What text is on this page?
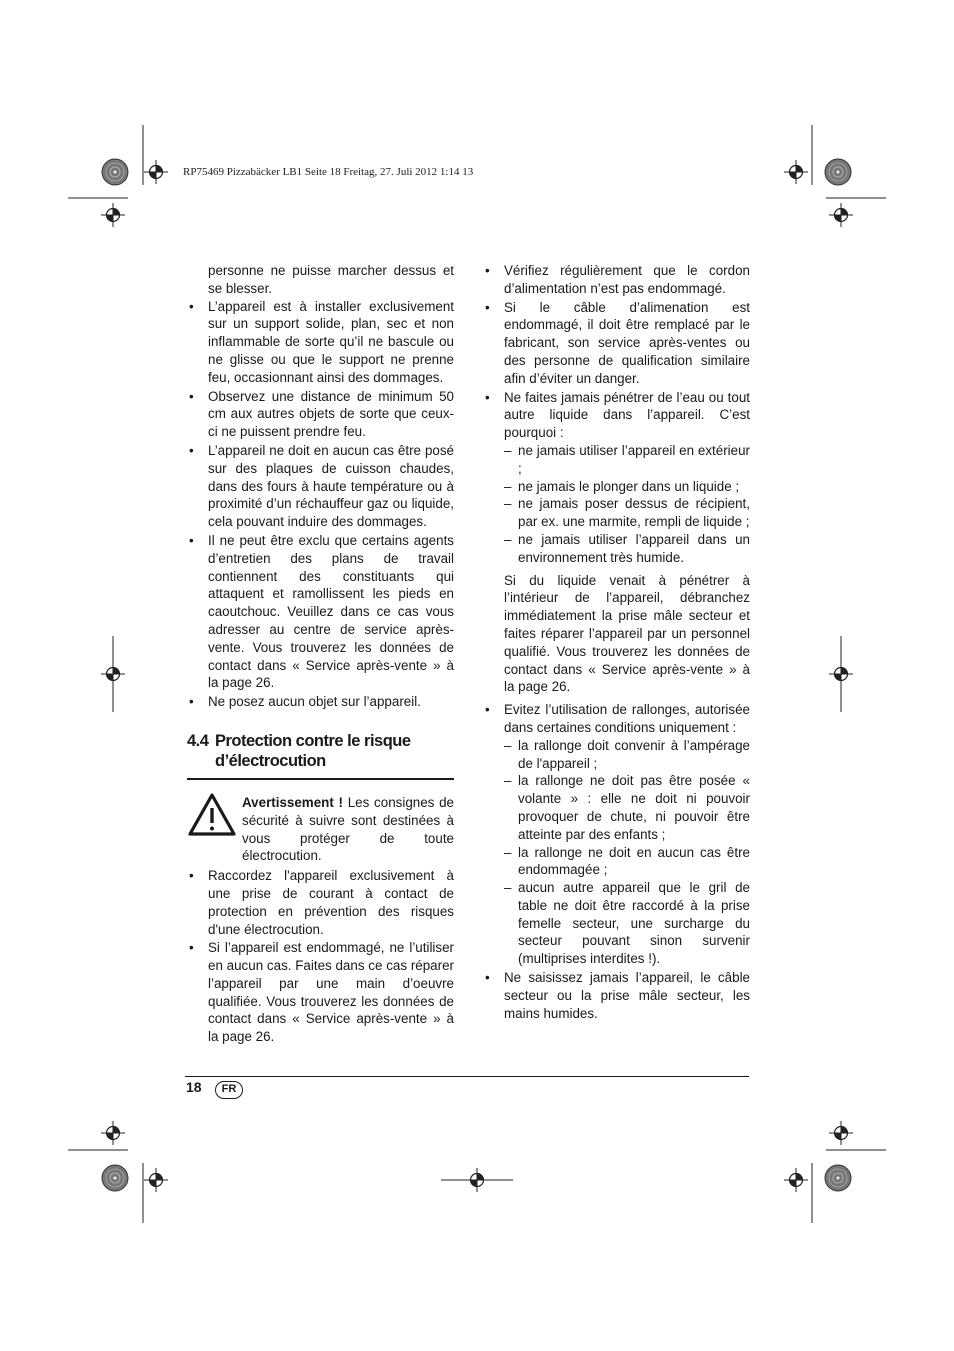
RP75469 Pizzabäcker LB1 Seite 18 Freitag, 27. Juli 2012 1:14 13

personne ne puisse marcher dessus et se blesser.

• L’appareil est à installer exclusivement sur un support solide, plan, sec et non inflammable de sorte qu’il ne bascule ou ne glisse ou que le support ne prenne feu, occasionnant ainsi des dommages.
• Observez une distance de minimum 50 cm aux autres objets de sorte que ceux-ci ne puissent prendre feu.
• L’appareil ne doit en aucun cas être posé sur des plaques de cuisson chaudes, dans des fours à haute température ou à proximité d’un réchauffeur gaz ou liquide, cela pouvant induire des dommages.
• Il ne peut être exclu que certains agents d’entretien des plans de travail contiennent des constituants qui attaquent et ramollissent les pieds en caoutchouc. Veuillez dans ce cas vous adresser au centre de service après-vente. Vous trouverez les données de contact dans « Service après-vente » à la page 26.
• Ne posez aucun objet sur l’appareil.
4.4 Protection contre le risque
d’électrocution
Avertissement ! Les consignes de sécurité à suivre sont destinées à vous protéger de toute électrocution.
• Raccordez l'appareil exclusivement à une prise de courant à contact de protection en prévention des risques d'une électrocution.
• Si l’appareil est endommagé, ne l’utiliser en aucun cas. Faites dans ce cas réparer l’appareil par une main d’oeuvre qualifiée. Vous trouverez les données de contact dans « Service après-vente » à la page 26.
• Vérifiez régulièrement que le cordon d’alimentation n’est pas endommagé.
• Si le câble d’alimenation est endommagé, il doit être remplacé par le fabricant, son service après-ventes ou des personne de qualification similaire afin d’éviter un danger.

• Ne faites jamais pénétrer de l’eau ou tout autre liquide dans l’appareil. C’est pourquoi :

– ne jamais utiliser l’appareil en extérieur ;
– ne jamais le plonger dans un liquide ;
– ne jamais poser dessus de récipient, par ex. une marmite, rempli de liquide ;
– ne jamais utiliser l’appareil dans un environnement très humide.

Si du liquide venait à pénétrer à l’intérieur de l’appareil, débranchez immédiatement la prise mâle secteur et faites réparer l’appareil par un personnel qualifié. Vous trouverez les données de contact dans « Service après-vente » à la page 26.

• Evitez l’utilisation de rallonges, autorisée dans certaines conditions uniquement :

– la rallonge doit convenir à l’ampérage de l'appareil ;
– la rallonge ne doit pas être posée « volante » : elle ne doit ni pouvoir provoquer de chute, ni pouvoir être atteinte par des enfants ;
– la rallonge ne doit en aucun cas être endommagée ;
– aucun autre appareil que le gril de table ne doit être raccordé à la prise femelle secteur, une surcharge du secteur pouvant sinon survenir (multiprises interdites !).
• Ne saisissez jamais l’appareil, le câble secteur ou la prise mâle secteur, les mains humides.
18	FR
